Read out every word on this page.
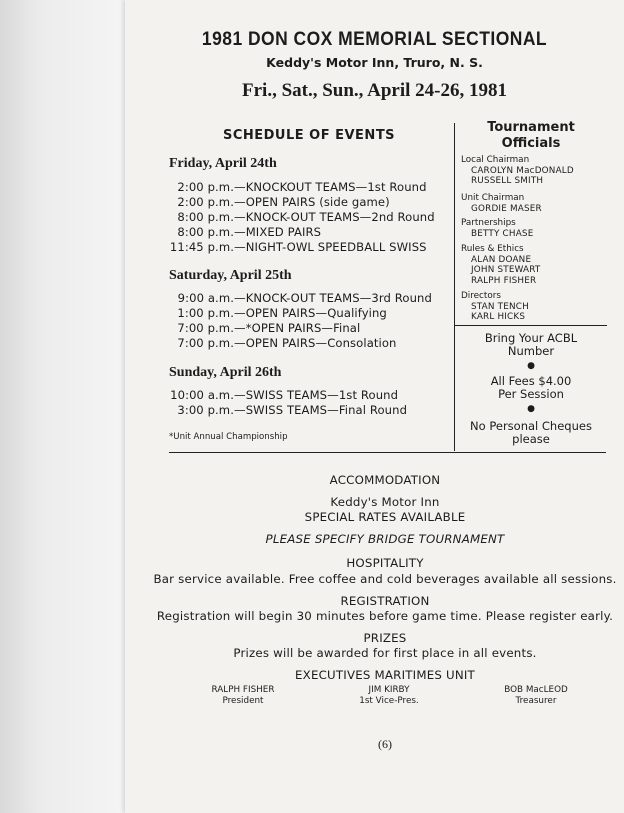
1981 DON COX MEMORIAL SECTIONAL
Keddy's Motor Inn, Truro, N. S.
Fri., Sat., Sun., April 24-26, 1981
SCHEDULE OF EVENTS
Friday, April 24th
2:00 p.m.—KNOCKOUT TEAMS—1st Round
2:00 p.m.—OPEN PAIRS (side game)
8:00 p.m.—KNOCK-OUT TEAMS—2nd Round
8:00 p.m.—MIXED PAIRS
11:45 p.m.—NIGHT-OWL SPEEDBALL SWISS
Saturday, April 25th
9:00 a.m.—KNOCK-OUT TEAMS—3rd Round
1:00 p.m.—OPEN PAIRS—Qualifying
7:00 p.m.—*OPEN PAIRS—Final
7:00 p.m.—OPEN PAIRS—Consolation
Sunday, April 26th
10:00 a.m.—SWISS TEAMS—1st Round
3:00 p.m.—SWISS TEAMS—Final Round
*Unit Annual Championship
Tournament
Officials
Local Chairman
CAROLYN MacDONALD
RUSSELL SMITH
Unit Chairman
GORDIE MASER
Partnerships
BETTY CHASE
Rules & Ethics
ALAN DOANE
JOHN STEWART
RALPH FISHER
Directors
STAN TENCH
KARL HICKS
Bring Your ACBL
Number
●
All Fees $4.00
Per Session
●
No Personal Cheques
please
ACCOMMODATION
Keddy's Motor Inn
SPECIAL RATES AVAILABLE
PLEASE SPECIFY BRIDGE TOURNAMENT
HOSPITALITY
Bar service available. Free coffee and cold beverages available all sessions.
REGISTRATION
Registration will begin 30 minutes before game time. Please register early.
PRIZES
Prizes will be awarded for first place in all events.
EXECUTIVES MARITIMES UNIT
RALPH FISHER
President
JIM KIRBY
1st Vice-Pres.
BOB MacLEOD
Treasurer
(6)
